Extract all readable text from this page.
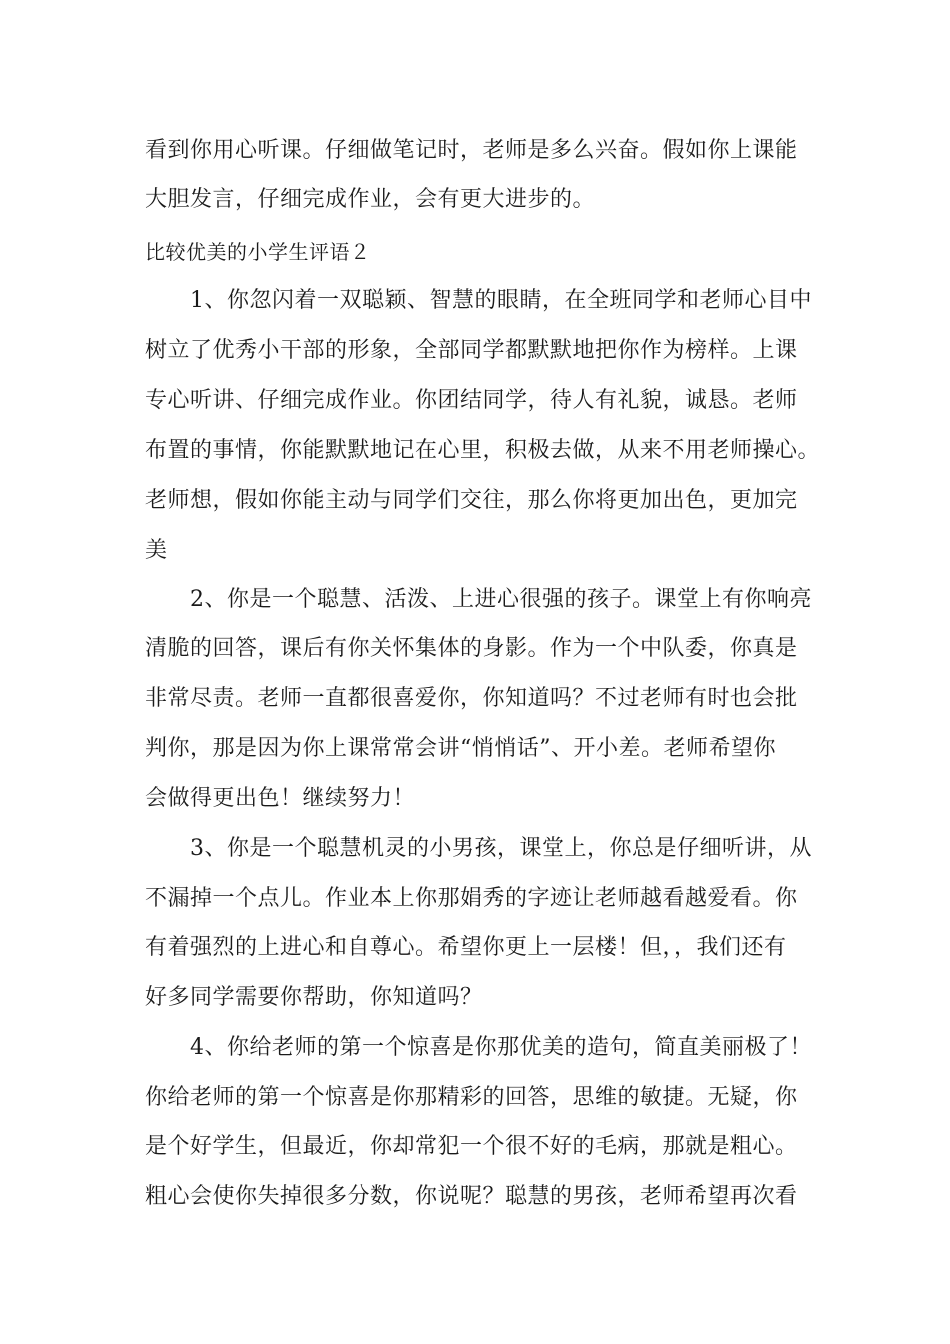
看到你用心听课。仔细做笔记时，老师是多么兴奋。假如你上课能
大胆发言，仔细完成作业，会有更大进步的。
比较优美的小学生评语２
　　1、你忽闪着一双聪颖、智慧的眼睛，在全班同学和老师心目中
树立了优秀小干部的形象，全部同学都默默地把你作为榜样。上课
专心听讲、仔细完成作业。你团结同学，待人有礼貌，诚恳。老师
布置的事情，你能默默地记在心里，积极去做，从来不用老师操心。
老师想，假如你能主动与同学们交往，那么你将更加出色，更加完
美
　　2、你是一个聪慧、活泼、上进心很强的孩子。课堂上有你响亮
清脆的回答，课后有你关怀集体的身影。作为一个中队委，你真是
非常尽责。老师一直都很喜爱你，你知道吗？不过老师有时也会批
判你，那是因为你上课常常会讲“悄悄话”、开小差。老师希望你
会做得更出色！继续努力！
　　3、你是一个聪慧机灵的小男孩，课堂上，你总是仔细听讲，从
不漏掉一个点儿。作业本上你那娟秀的字迹让老师越看越爱看。你
有着强烈的上进心和自尊心。希望你更上一层楼！但，，我们还有
好多同学需要你帮助，你知道吗？
　　4、你给老师的第一个惊喜是你那优美的造句，简直美丽极了！
你给老师的第一个惊喜是你那精彩的回答，思维的敏捷。无疑，你
是个好学生，但最近，你却常犯一个很不好的毛病，那就是粗心。
粗心会使你失掉很多分数，你说呢？聪慧的男孩，老师希望再次看
